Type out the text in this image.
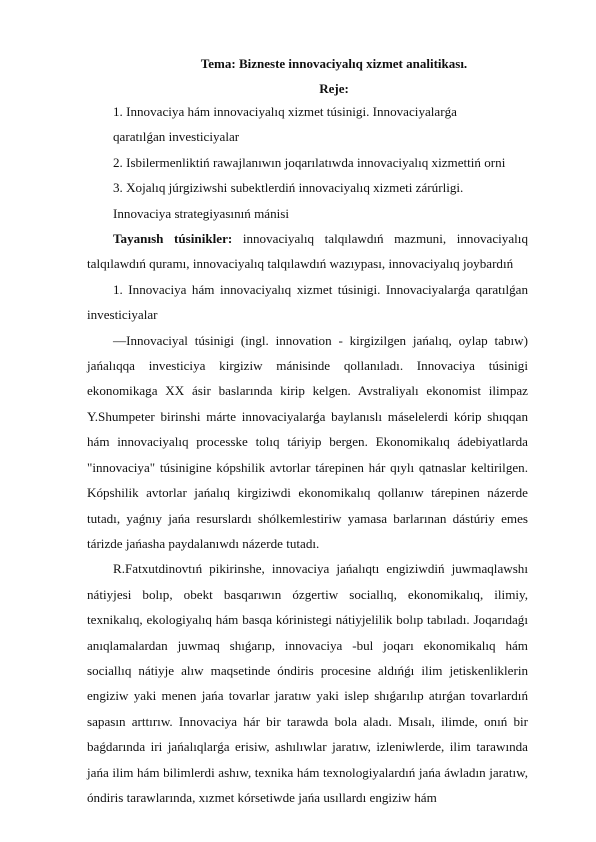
Tema: Bizneste innovaciyalıq xizmet analitikası.
Reje:
1. Innovaciya hám innovaciyalıq xizmet túsinigi. Innovaciyalarǵa
qaratılǵan investiciyalar
2. Isbilermenliktiń rawajlanıwın joqarılatıwda innovaciyalıq xizmettiń orni
3. Xojalıq júrgiziwshi subektlerdiń innovaciyalıq xizmeti zárúrligi.
Innovaciya strategiyasınıń mánisi

Tayanısh túsinikler: innovaciyalıq talqılawdıń mazmuni, innovaciyalıq talqılawdıń quramı, innovaciyalıq talqılawdıń wazıypası, innovaciyalıq joybardıń

1. Innovaciya hám innovaciyalıq xizmet túsinigi. Innovaciyalarǵa qaratılǵan investiciyalar

—Innovaciyal túsinigi (ingl. innovation - kirgizilgen jańalıq, oylap tabıw) jańalıqqa investiciya kirgiziw mánisinde qollanıladı. Innovaciya túsinigi ekonomikaga XX ásir baslarında kirip kelgen. Avstraliyalı ekonomist ilimpaz Y.Shumpeter birinshi márte innovaciyalarǵa baylanıslı máselelerdi kórip shıqqan hám innovaciyalıq processke tolıq táriyip bergen. Ekonomikalıq ádebiyatlarda "innovaciya" túsinigine kópshilik avtorlar tárepinen hár qıylı qatnaslar keltirilgen. Kópshilik avtorlar jańalıq kirgiziwdi ekonomikalıq qollanıw tárepinen názerde tutadı, yaǵnıy jańa resurslardı shólkemlestiriw yamasa barlarınan dástúriy emes tárizde jańasha paydalanıwdı názerde tutadı.

R.Fatxutdinovtıń pikirinshe, innovaciya jańalıqtı engiziwdiń juwmaqlawshı nátiyjesi bolıp, obekt basqarıwın ózgertiw sociallıq, ekonomikalıq, ilimiy, texnikalıq, ekologiyalıq hám basqa kórinistegi nátiyjelilik bolıp tabıladı. Joqarıdaǵı anıqlamalardan juwmaq shıǵarıp, innovaciya -bul joqarı ekonomikalıq hám sociallıq nátiyje alıw maqsetinde óndiris procesine aldıńǵı ilim jetiskenliklerin engiziw yaki menen jańa tovarlar jaratıw yaki islep shıǵarılıp atırǵan tovarlardıń sapasın arttırıw. Innovaciya hár bir tarawda bola aladı. Mısalı, ilimde, onıń bir baǵdarında iri jańalıqlarǵa erisiw, ashılıwlar jaratıw, izleniwlerde, ilim tarawında jańa ilim hám bilimlerdi ashıw, texnika hám texnologiyalardıń jańa áwladın jaratıw, óndiris tarawlarında, xızmet kórsetiwde jańa usıllardı engiziw hám
